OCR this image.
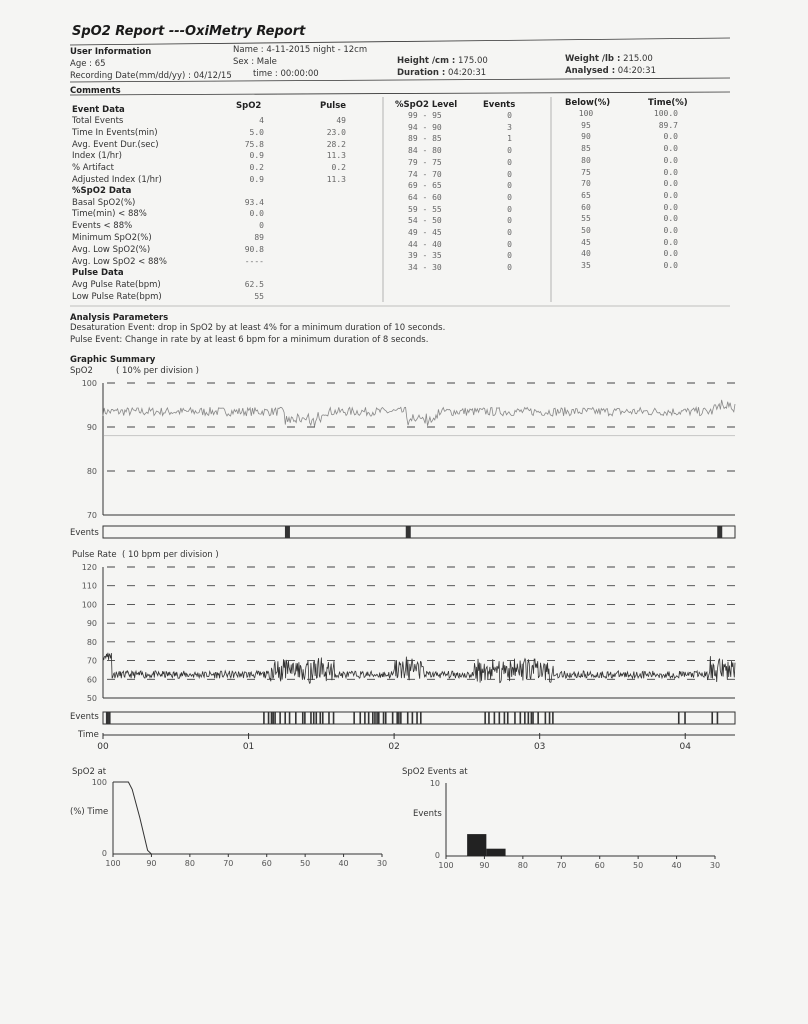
SpO2 Report ---OxiMetry Report
User Information	Name : 4-11-2015 night - 12cm
Age : 65	Sex : Male	Height /cm : 175.00	Weight /lb : 215.00
Recording Date(mm/dd/yy) : 04/12/15	time : 00:00:00	Duration : 04:20:31	Analysed : 04:20:31
Comments
Event Data	SpO2	Pulse
Total Events	4	49
Time In Events(min)	5.0	23.0
Avg. Event Dur.(sec)	75.8	28.2
Index (1/hr)	0.9	11.3
% Artifact	0.2	0.2
Adjusted Index (1/hr)	0.9	11.3
%SpO2 Data
Basal SpO2(%)	93.4
Time(min) < 88%	0.0
Events < 88%	0
Minimum SpO2(%)	89
Avg. Low SpO2(%)	90.8
Avg. Low SpO2 < 88%	----
Pulse Data
Avg Pulse Rate(bpm)	62.5
Low Pulse Rate(bpm)	55
%SpO2 Level	Events
99 - 95	0
94 - 90	3
89 - 85	1
84 - 80	0
79 - 75	0
74 - 70	0
69 - 65	0
64 - 60	0
59 - 55	0
54 - 50	0
49 - 45	0
44 - 40	0
39 - 35	0
34 - 30	0
Below(%)	Time(%)
100	100.0
95	89.7
90	0.0
85	0.0
80	0.0
75	0.0
70	0.0
65	0.0
60	0.0
55	0.0
50	0.0
45	0.0
40	0.0
35	0.0
Analysis Parameters
Desaturation Event: drop in SpO2 by at least 4% for a minimum duration of 10 seconds.
Pulse Event: Change in rate by at least 6 bpm for a minimum duration of 8 seconds.
Graphic Summary
SpO2	( 10% per division )
Events
Pulse Rate ( 10 bpm per division )
Events
Time
SpO2 at
(%) Time
SpO2 Events at
Events
100
90
80
70
120
110
100
90
80
70
60
50
00	01	02	03	04
100
0
100	90	80	70	60	50	40	30
10
0
100	90	80	70	60	50	40	30
